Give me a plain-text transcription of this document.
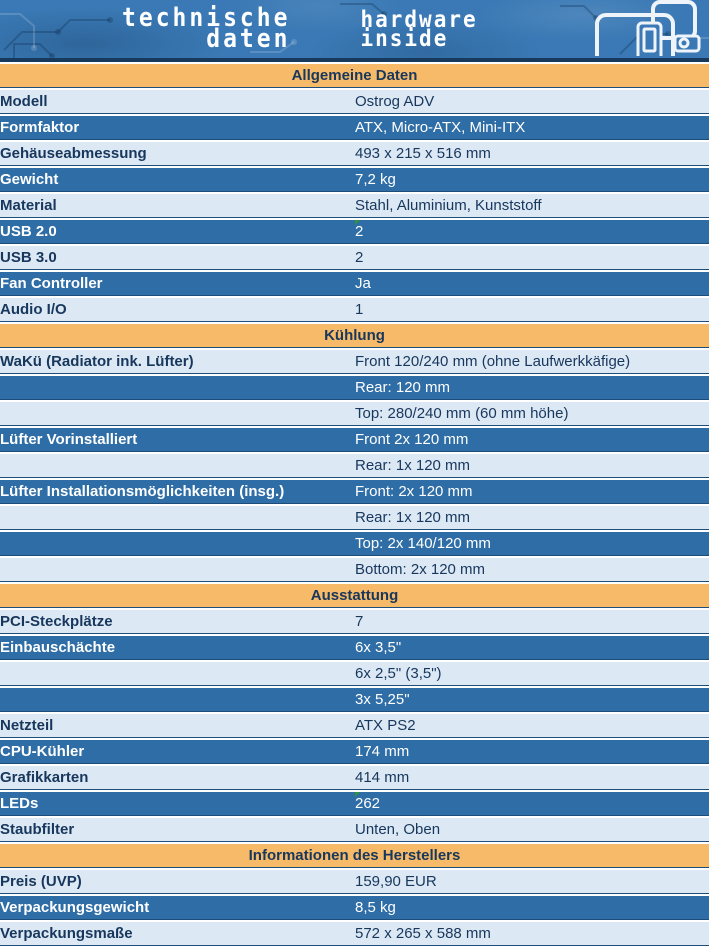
technische
daten
hardware
inside
Allgemeine Daten	
Modell	Ostrog ADV
Formfaktor	ATX, Micro-ATX, Mini-ITX
Gehäuseabmessung	493 x 215 x 516 mm
Gewicht	7,2 kg
Material	Stahl, Aluminium, Kunststoff
USB 2.0	2
USB 3.0	2
Fan Controller	Ja
Audio I/O	1
Kühlung	
WaKü (Radiator ink. Lüfter)	Front 120/240 mm (ohne Laufwerkkäfige)
	Rear: 120 mm
	Top: 280/240 mm (60 mm höhe)
Lüfter Vorinstalliert	Front 2x 120 mm
	Rear: 1x 120 mm
Lüfter Installationsmöglichkeiten (insg.)	Front: 2x 120 mm
	Rear: 1x 120 mm
	Top: 2x 140/120 mm
	Bottom: 2x 120 mm
Ausstattung	
PCI-Steckplätze	7
Einbauschächte	6x 3,5"
	6x 2,5" (3,5")
	3x 5,25"
Netzteil	ATX PS2
CPU-Kühler	174 mm
Grafikkarten	414 mm
LEDs	262
Staubfilter	Unten, Oben
Informationen des Herstellers	
Preis (UVP)	159,90 EUR
Verpackungsgewicht	8,5 kg
Verpackungsmaße	572 x 265 x 588 mm
